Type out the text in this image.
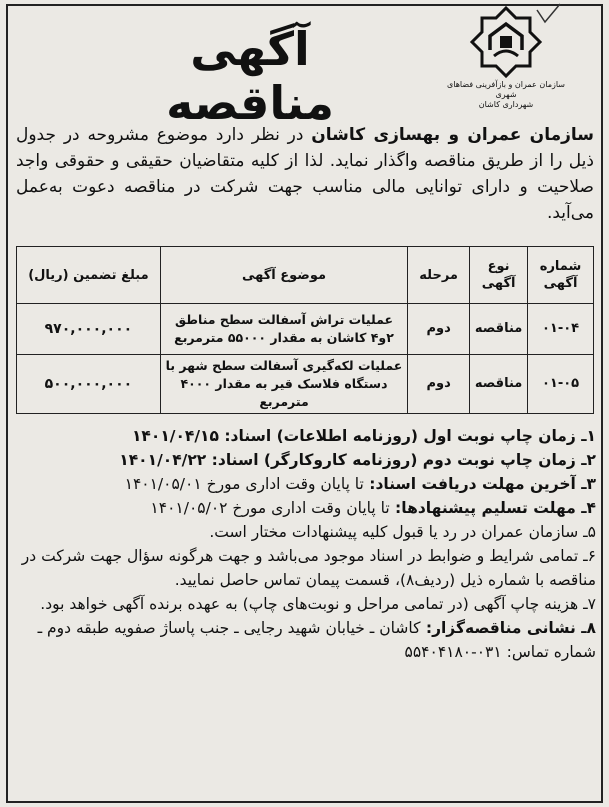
آگهی مناقصه	سازمان عمران و بازآفرینی فضاهای شهری
شهرداری کاشان
سازمان عمران و بهسازی کاشان در نظر دارد موضوع مشروحه در جدول ذیل را از طریق مناقصه واگذار نماید. لذا از کلیه متقاضیان حقیقی و حقوقی واجد صلاحیت و دارای توانایی مالی مناسب جهت شرکت در مناقصه دعوت به‌عمل می‌آید.
شماره آگهی	نوع آگهی	مرحله	موضوع آگهی	مبلغ تضمین (ریال)
۰۱-۰۴	مناقصه	دوم	عملیات تراش آسفالت سطح مناطق ۲و۴ کاشان به مقدار ۵۵۰۰۰ مترمربع	۹۷۰,۰۰۰,۰۰۰
۰۱-۰۵	مناقصه	دوم	عملیات لکه‌گیری آسفالت سطح شهر با دستگاه فلاسک قیر به مقدار ۴۰۰۰ مترمربع	۵۰۰,۰۰۰,۰۰۰

۱ـ زمان چاپ نوبت اول (روزنامه اطلاعات) اسناد: ۱۴۰۱/۰۴/۱۵

۲ـ زمان چاپ نوبت دوم (روزنامه کاروکارگر) اسناد: ۱۴۰۱/۰۴/۲۲

۳ـ آخرین مهلت دریافت اسناد: تا پایان وقت اداری مورخ ۱۴۰۱/۰۵/۰۱

۴ـ مهلت تسلیم پیشنهادها: تا پایان وقت اداری مورخ ۱۴۰۱/۰۵/۰۲

۵ـ سازمان عمران در رد یا قبول کلیه پیشنهادات مختار است.

۶ـ تمامی شرایط و ضوابط در اسناد موجود می‌باشد و جهت هرگونه سؤال جهت شرکت در مناقصه با شماره ذیل (ردیف۸)، قسمت پیمان تماس حاصل نمایید.

۷ـ هزینه چاپ آگهی (در تمامی مراحل و نوبت‌های چاپ) به عهده برنده آگهی خواهد بود.

۸ـ نشانی مناقصه‌گزار: کاشان ـ خیابان شهید رجایی ـ جنب پاساژ صفویه طبقه دوم ـ شماره تماس: ۰۳۱-۵۵۴۰۴۱۸۰
